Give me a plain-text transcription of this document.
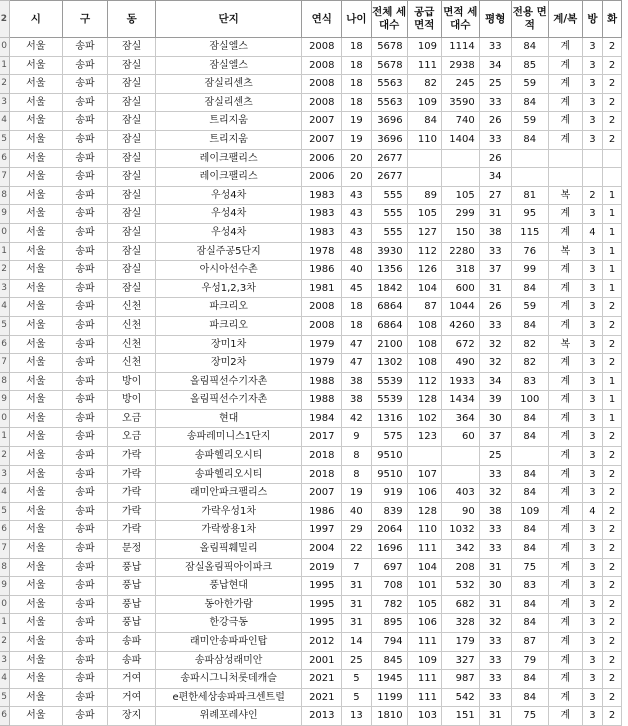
2	시	구	동	단지	연식	나이	전체 세대수	공급 면적	면적 세대수	평형	전용 면적	계/복	방	화
0	서울	송파	잠실	잠실엘스	2008	18	5678	109	1114	33	84	계	3	2
1	서울	송파	잠실	잠실엘스	2008	18	5678	111	2938	34	85	계	3	2
2	서울	송파	잠실	잠실리센츠	2008	18	5563	82	245	25	59	계	3	2
3	서울	송파	잠실	잠실리센츠	2008	18	5563	109	3590	33	84	계	3	2
4	서울	송파	잠실	트리지움	2007	19	3696	84	740	26	59	계	3	2
5	서울	송파	잠실	트리지움	2007	19	3696	110	1404	33	84	계	3	2
6	서울	송파	잠실	레이크팰리스	2006	20	2677			26				
7	서울	송파	잠실	레이크팰리스	2006	20	2677			34				
8	서울	송파	잠실	우성4차	1983	43	555	89	105	27	81	복	2	1
9	서울	송파	잠실	우성4차	1983	43	555	105	299	31	95	계	3	1
0	서울	송파	잠실	우성4차	1983	43	555	127	150	38	115	계	4	1
1	서울	송파	잠실	잠실주공5단지	1978	48	3930	112	2280	33	76	복	3	1
2	서울	송파	잠실	아시아선수촌	1986	40	1356	126	318	37	99	계	3	1
3	서울	송파	잠실	우성1,2,3차	1981	45	1842	104	600	31	84	계	3	1
4	서울	송파	신천	파크리오	2008	18	6864	87	1044	26	59	계	3	2
5	서울	송파	신천	파크리오	2008	18	6864	108	4260	33	84	계	3	2
6	서울	송파	신천	장미1차	1979	47	2100	108	672	32	82	복	3	2
7	서울	송파	신천	장미2차	1979	47	1302	108	490	32	82	계	3	2
8	서울	송파	방이	올림픽선수기자촌	1988	38	5539	112	1933	34	83	계	3	1
9	서울	송파	방이	올림픽선수기자촌	1988	38	5539	128	1434	39	100	계	3	1
0	서울	송파	오금	현대	1984	42	1316	102	364	30	84	계	3	1
1	서울	송파	오금	송파레미니스1단지	2017	9	575	123	60	37	84	계	3	2
2	서울	송파	가락	송파헬리오시티	2018	8	9510			25		계	3	2
3	서울	송파	가락	송파헬리오시티	2018	8	9510	107		33	84	계	3	2
4	서울	송파	가락	래미안파크팰리스	2007	19	919	106	403	32	84	계	3	2
5	서울	송파	가락	가락우성1차	1986	40	839	128	90	38	109	계	4	2
6	서울	송파	가락	가락쌍용1차	1997	29	2064	110	1032	33	84	계	3	2
7	서울	송파	문정	올림픽훼밀리	2004	22	1696	111	342	33	84	계	3	2
8	서울	송파	풍납	잠실올림픽아이파크	2019	7	697	104	208	31	75	계	3	2
9	서울	송파	풍납	풍납현대	1995	31	708	101	532	30	83	계	3	2
0	서울	송파	풍납	동아한가람	1995	31	782	105	682	31	84	계	3	2
1	서울	송파	풍납	한강극동	1995	31	895	106	328	32	84	계	3	2
2	서울	송파	송파	래미안송파파인탑	2012	14	794	111	179	33	87	계	3	2
3	서울	송파	송파	송파삼성래미안	2001	25	845	109	327	33	79	계	3	2
4	서울	송파	거여	송파시그니처롯데캐슬	2021	5	1945	111	987	33	84	계	3	2
5	서울	송파	거여	e편한세상송파파크센트럴	2021	5	1199	111	542	33	84	계	3	2
6	서울	송파	장지	위례포레샤인	2013	13	1810	103	151	31	75	계	3	2
